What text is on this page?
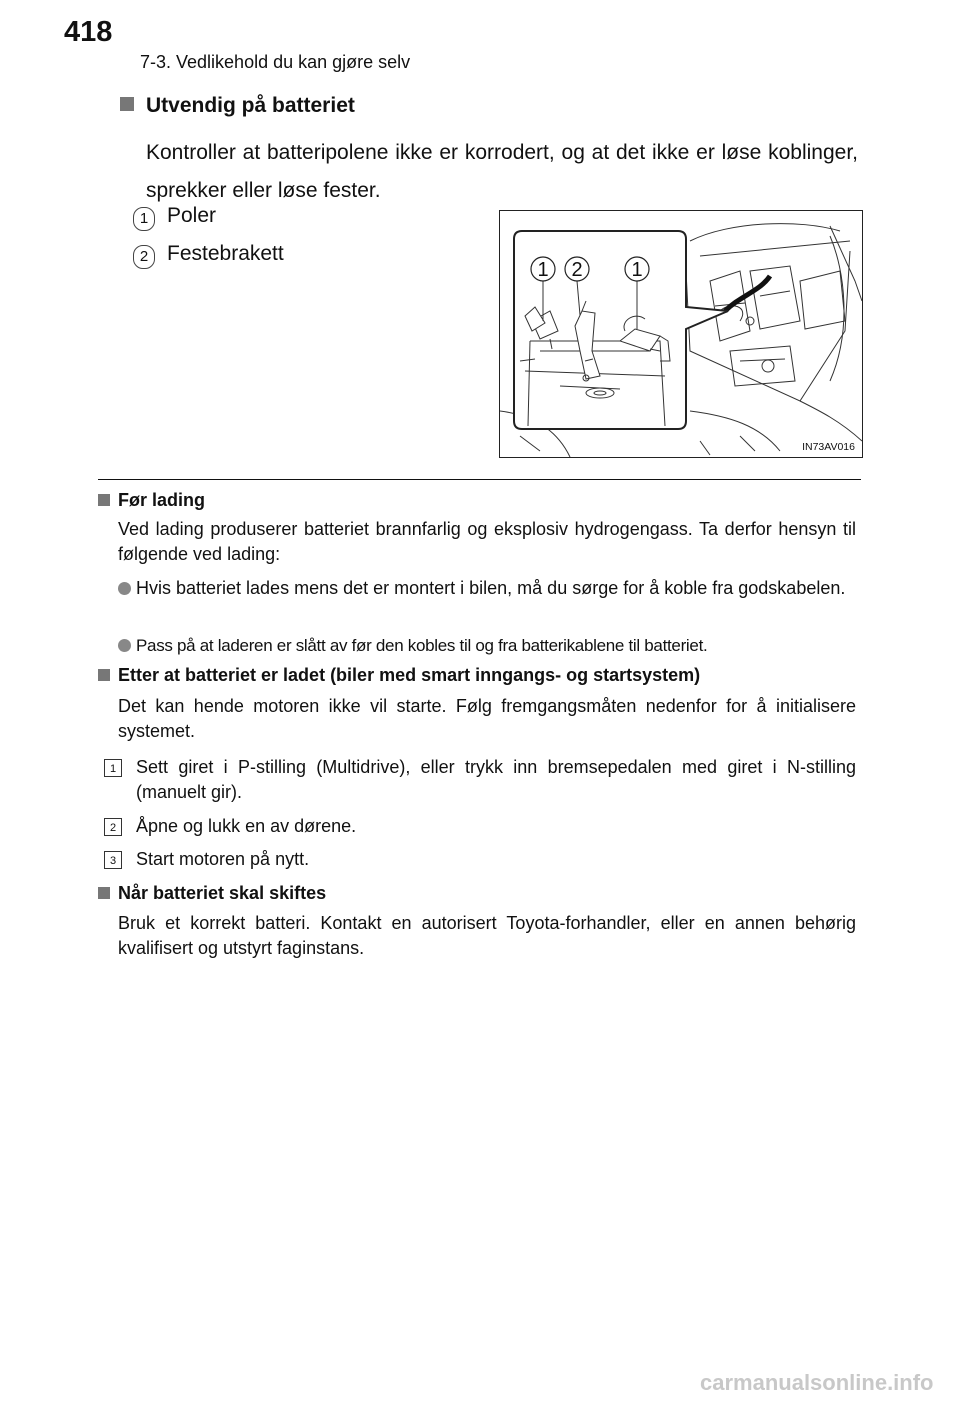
418
7-3. Vedlikehold du kan gjøre selv
Utvendig på batteriet
Kontroller at batteripolene ikke er korrodert, og at det ikke er løse koblinger, sprekker eller løse fester.
1 Poler
2 Festebrakett
1 2 1
IN73AV016
Før lading
Ved lading produserer batteriet brannfarlig og eksplosiv hydrogengass. Ta derfor hensyn til følgende ved lading:
Hvis batteriet lades mens det er montert i bilen, må du sørge for å koble fra godskabelen.
Pass på at laderen er slått av før den kobles til og fra batterikablene til batteriet.
Etter at batteriet er ladet (biler med smart inngangs- og startsystem)
Det kan hende motoren ikke vil starte. Følg fremgangsmåten nedenfor for å initialisere systemet.
1	Sett giret i P-stilling (Multidrive), eller trykk inn bremsepedalen med giret i N-stilling (manuelt gir).
2	Åpne og lukk en av dørene.
3	Start motoren på nytt.
Når batteriet skal skiftes
Bruk et korrekt batteri. Kontakt en autorisert Toyota-forhandler, eller en annen behørig kvalifisert og utstyrt faginstans.
carmanualsonline.info
